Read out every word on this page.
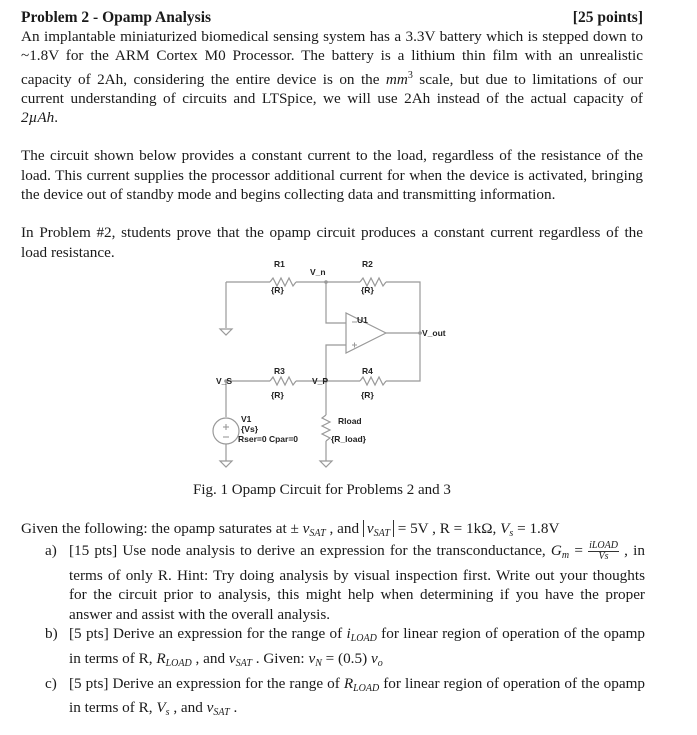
Problem 2 - Opamp Analysis	[25 points]

An implantable miniaturized biomedical sensing system has a 3.3V battery which is stepped down to ~1.8V for the ARM Cortex M0 Processor. The battery is a lithium thin film with an unrealistic capacity of 2Ah, considering the entire device is on the $mm^3$ scale, but due to limitations of our current understanding of circuits and LTSpice, we will use 2Ah instead of the actual capacity of 2µAh.

The circuit shown below provides a constant current to the load, regardless of the resistance of the load. This current supplies the processor additional current for when the device is activated, bringing the device out of standby mode and begins collecting data and transmitting information.

In Problem #2, students prove that the opamp circuit produces a constant current regardless of the load resistance.

R1
{R}
R2
{R}
V_n
U1
V_out
R3
{R}
R4
{R}
V_P
V_S
V1
{Vs}
Rser=0 Cpar=0
Rload
{R_load}
Fig. 1 Opamp Circuit for Problems 2 and 3
Given the following: the opamp saturates at ± $v_{SAT}$ , and $v_{SAT} = 5V$ , R = 1kΩ, $V_s = 1.8V$
a) [15 pts] Use node analysis to derive an expression for the transconductance, $G_m = \frac{\text{iLOAD}}{Vs}$ , in terms of only R. Hint: Try doing analysis by visual inspection first. Write out your thoughts for the circuit prior to analysis, this might help when determining if you have the proper answer and assist with the overall analysis.
b) [5 pts] Derive an expression for the range of $i_{LOAD}$ for linear region of operation of the opamp in terms of R, $R_{LOAD}$ , and $v_{SAT}$ . Given: $v_N = (0.5)$ $v_o$
c) [5 pts] Derive an expression for the range of $R_{LOAD}$ for linear region of operation of the opamp in terms of R, $V_s$ , and $v_{SAT}$ .
